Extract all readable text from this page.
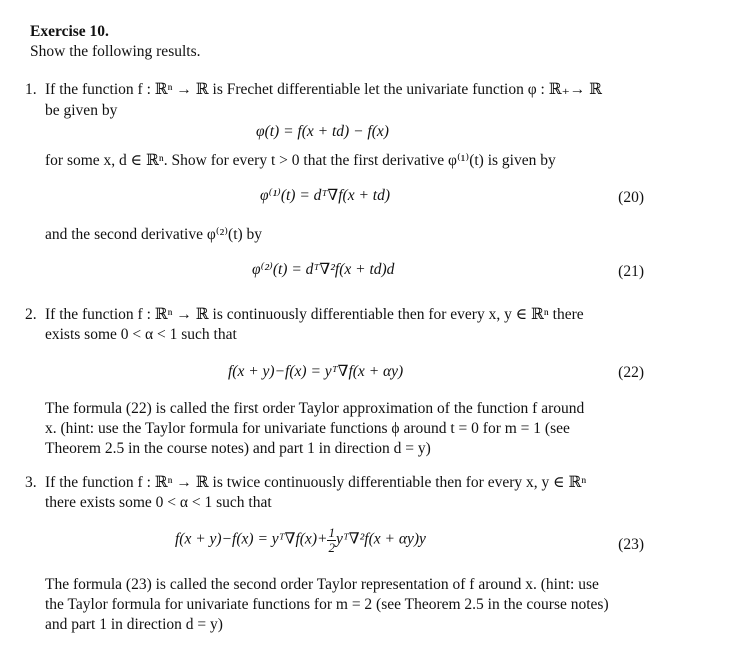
Exercise 10.
Show the following results.
1. If the function f : ℝⁿ → ℝ is Frechet differentiable let the univariate function φ : ℝ₊→ ℝ
be given by
φ(t) = f(x + td) − f(x)
for some x, d ∈ ℝⁿ. Show for every t > 0 that the first derivative φ⁽¹⁾(t) is given by
φ⁽¹⁾(t) = dᵀ∇f(x + td)	(20)
and the second derivative φ⁽²⁾(t) by
φ⁽²⁾(t) = dᵀ∇²f(x + td)d	(21)
2. If the function f : ℝⁿ → ℝ is continuously differentiable then for every x, y ∈ ℝⁿ there
exists some 0 < α < 1 such that
f(x + y)−f(x) = yᵀ∇f(x + αy)	(22)
The formula (22) is called the first order Taylor approximation of the function f around
x. (hint: use the Taylor formula for univariate functions ϕ around t = 0 for m = 1 (see
Theorem 2.5 in the course notes) and part 1 in direction d = y)
3. If the function f : ℝⁿ → ℝ is twice continuously differentiable then for every x, y ∈ ℝⁿ
there exists some 0 < α < 1 such that
f(x + y)−f(x) = yᵀ∇f(x)+ $\frac{1}{2}$ yᵀ∇²f(x + αy)y	(23)
The formula (23) is called the second order Taylor representation of f around x. (hint: use
the Taylor formula for univariate functions for m = 2 (see Theorem 2.5 in the course notes)
and part 1 in direction d = y)
